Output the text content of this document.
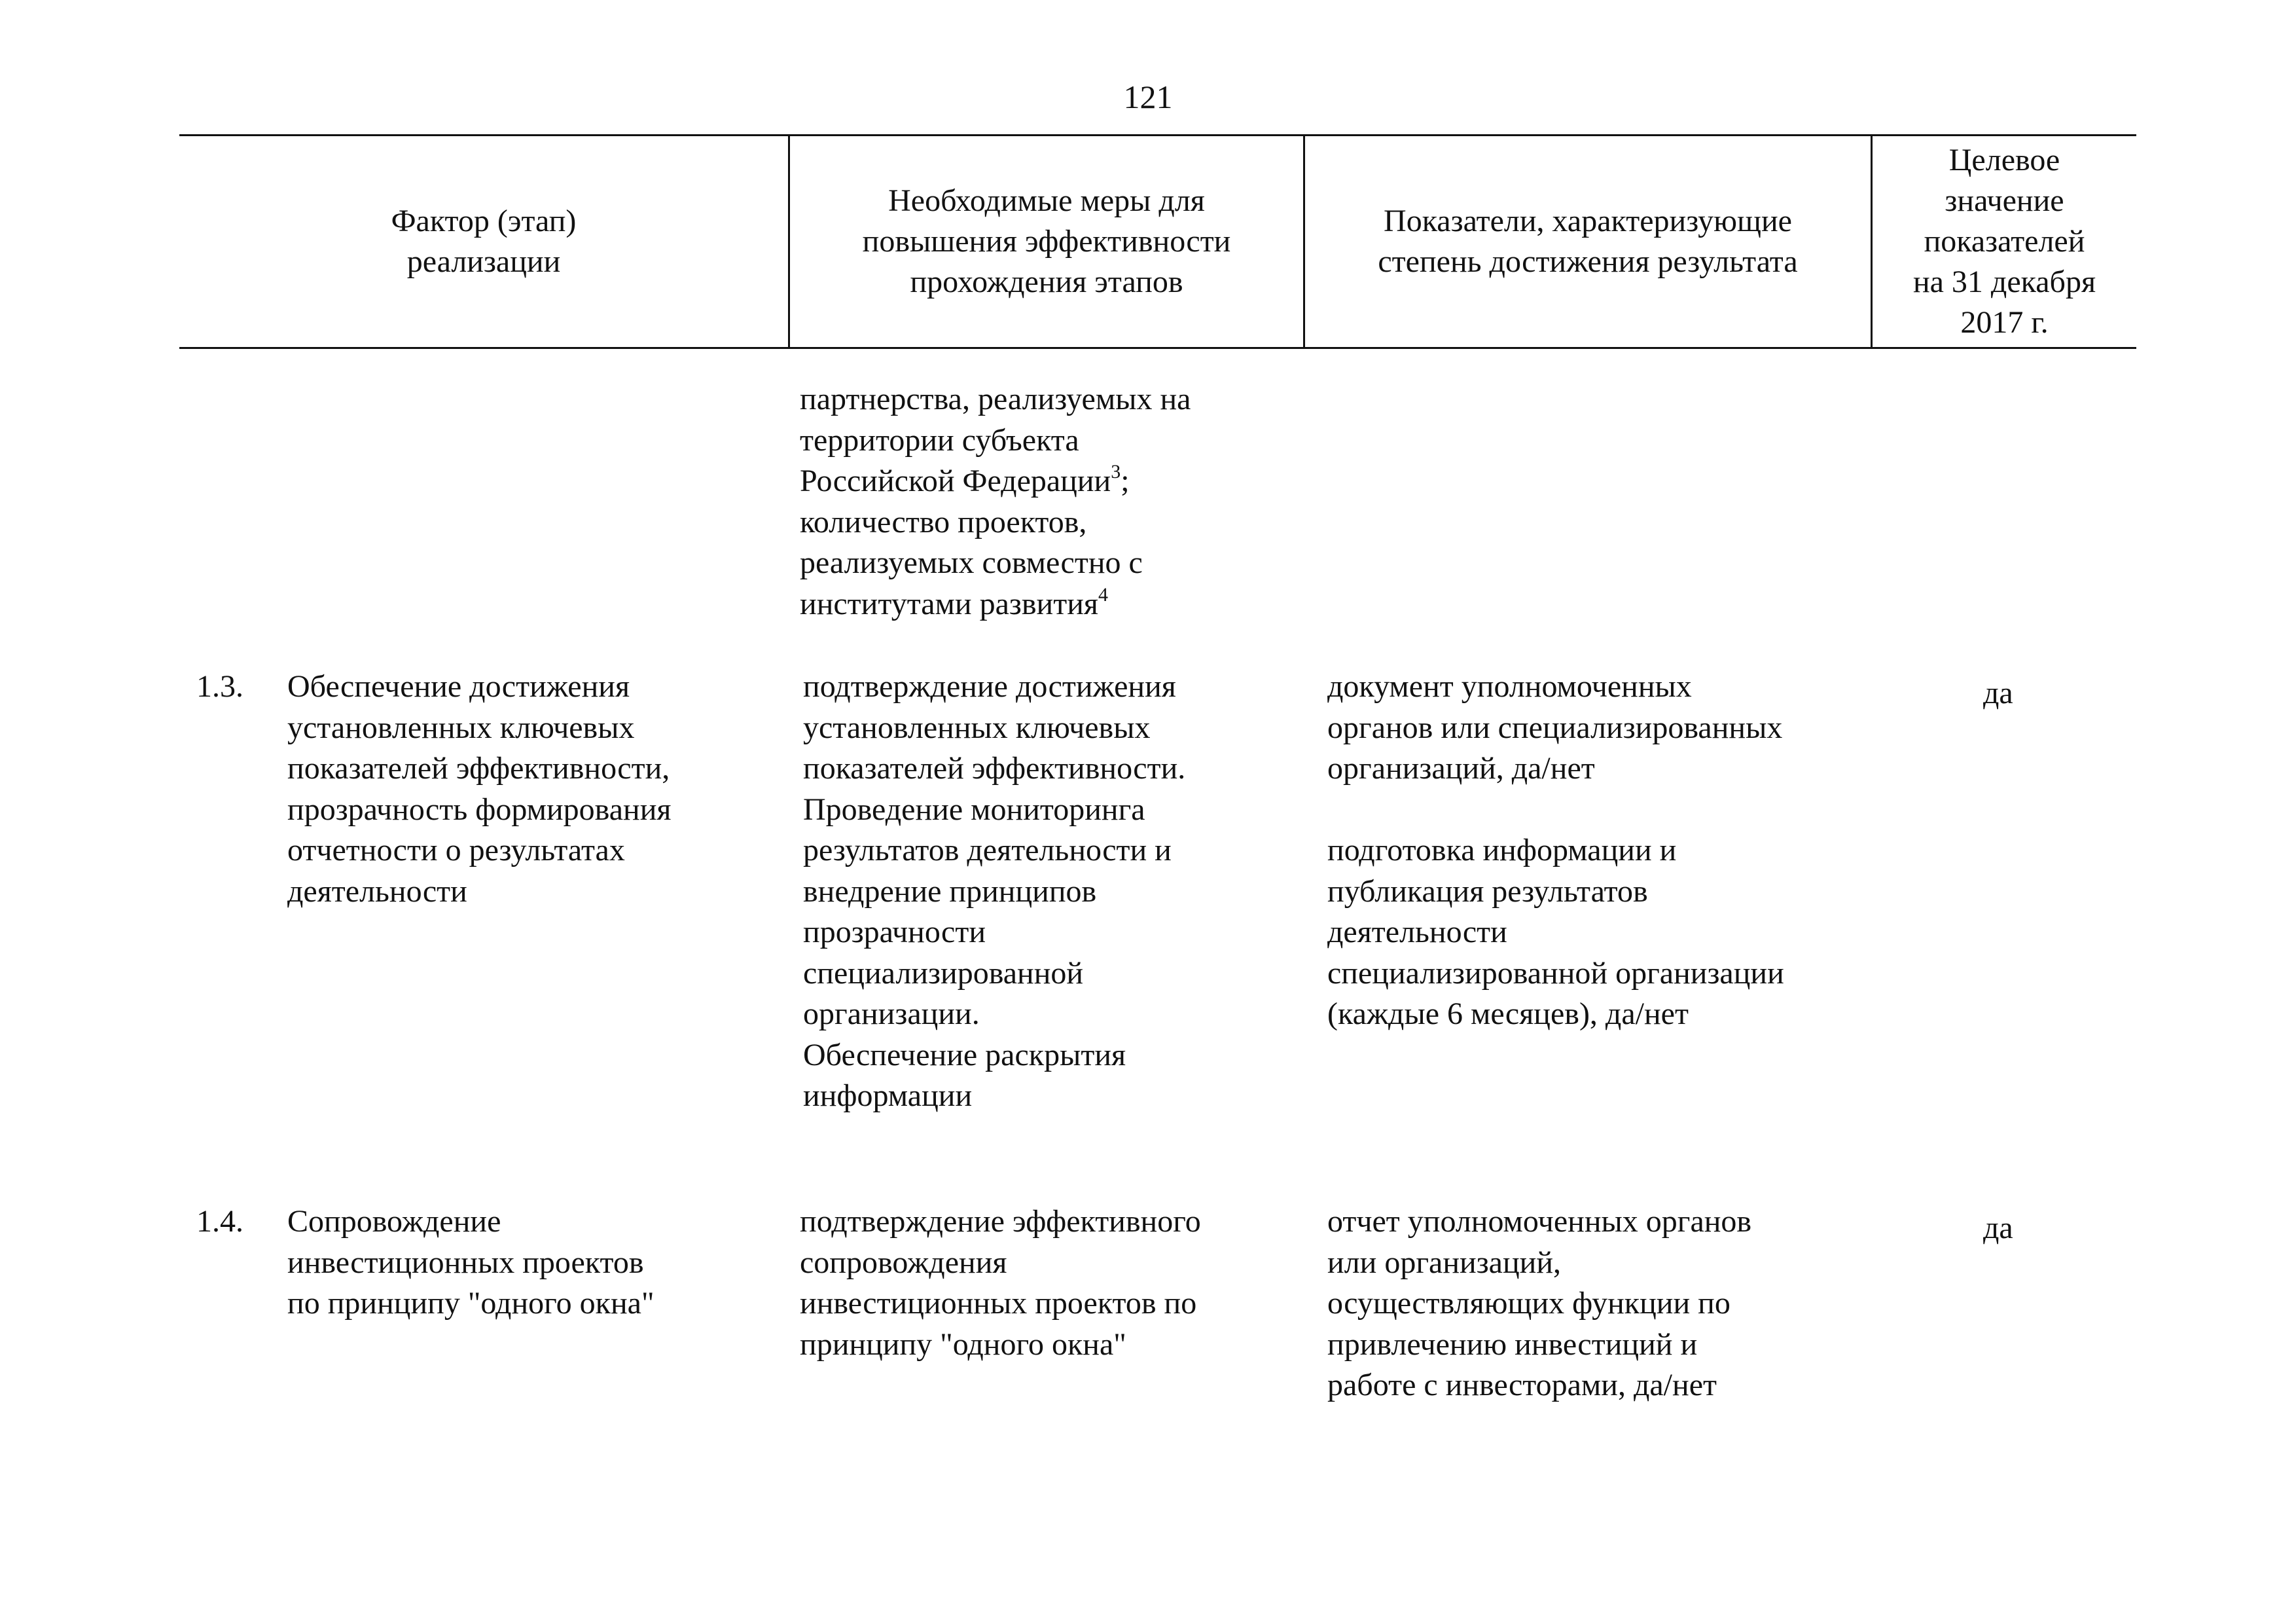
121
Фактор (этап)
реализации
Необходимые меры для
повышения эффективности
прохождения этапов
Показатели, характеризующие
степень достижения результата
Целевое
значение
показателей
на 31 декабря
2017 г.
партнерства, реализуемых на
территории субъекта
Российской Федерации$^3$;
количество проектов,
реализуемых совместно с
институтами развития$^4$
1.3. Обеспечение достижения
установленных ключевых
показателей эффективности,
прозрачность формирования
отчетности о результатах
деятельности
подтверждение достижения
установленных ключевых
показателей эффективности.
Проведение мониторинга
результатов деятельности и
внедрение принципов
прозрачности
специализированной
организации.
Обеспечение раскрытия
информации
документ уполномоченных
органов или специализированных
организаций, да/нет
подготовка информации и
публикация результатов
деятельности
специализированной организации
(каждые 6 месяцев), да/нет
да
1.4. Сопровождение
инвестиционных проектов
по принципу "одного окна"
подтверждение эффективного
сопровождения
инвестиционных проектов по
принципу "одного окна"
отчет уполномоченных органов
или организаций,
осуществляющих функции по
привлечению инвестиций и
работе с инвесторами, да/нет
да
